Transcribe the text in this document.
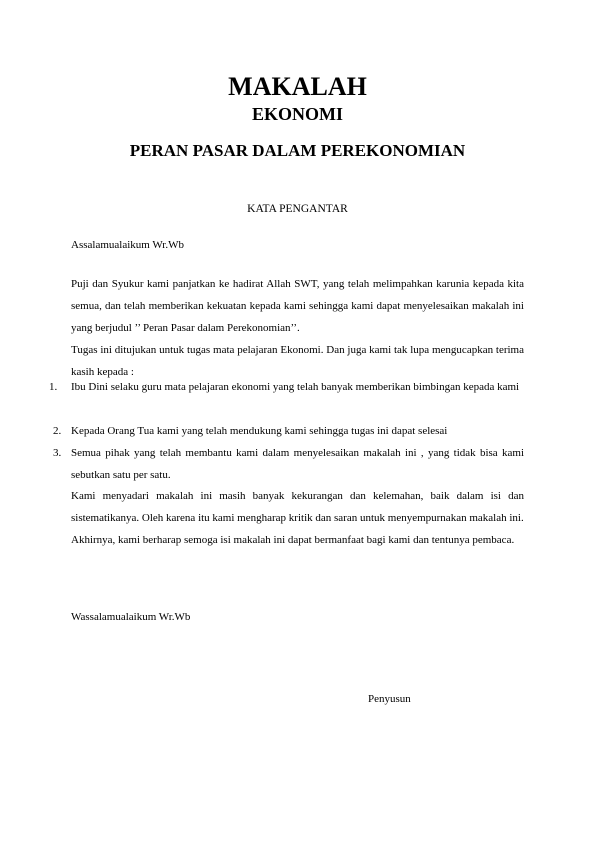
MAKALAH
EKONOMI
PERAN PASAR DALAM PEREKONOMIAN
KATA PENGANTAR
Assalamualaikum Wr.Wb

Puji dan Syukur kami panjatkan ke hadirat Allah SWT, yang telah melimpahkan karunia kepada kita semua, dan telah memberikan kekuatan kepada kami sehingga kami dapat menyelesaikan makalah ini yang berjudul ’’ Peran Pasar dalam Perekonomian’’.

Tugas ini ditujukan untuk tugas mata pelajaran Ekonomi. Dan juga kami tak lupa mengucapkan terima kasih kepada :

1. Ibu Dini selaku guru mata pelajaran ekonomi yang telah banyak memberikan bimbingan kepada kami
2. Kepada Orang Tua kami yang telah mendukung kami sehingga tugas ini dapat selesai
3. Semua pihak yang telah membantu kami dalam menyelesaikan makalah ini , yang tidak bisa kami sebutkan satu per satu.

Kami menyadari makalah ini masih banyak kekurangan dan kelemahan, baik dalam isi dan sistematikanya. Oleh karena itu kami mengharap kritik dan saran untuk menyempurnakan makalah ini.

Akhirnya, kami berharap semoga isi makalah ini dapat bermanfaat bagi kami dan tentunya pembaca.

Wassalamualaikum Wr.Wb
Penyusun
